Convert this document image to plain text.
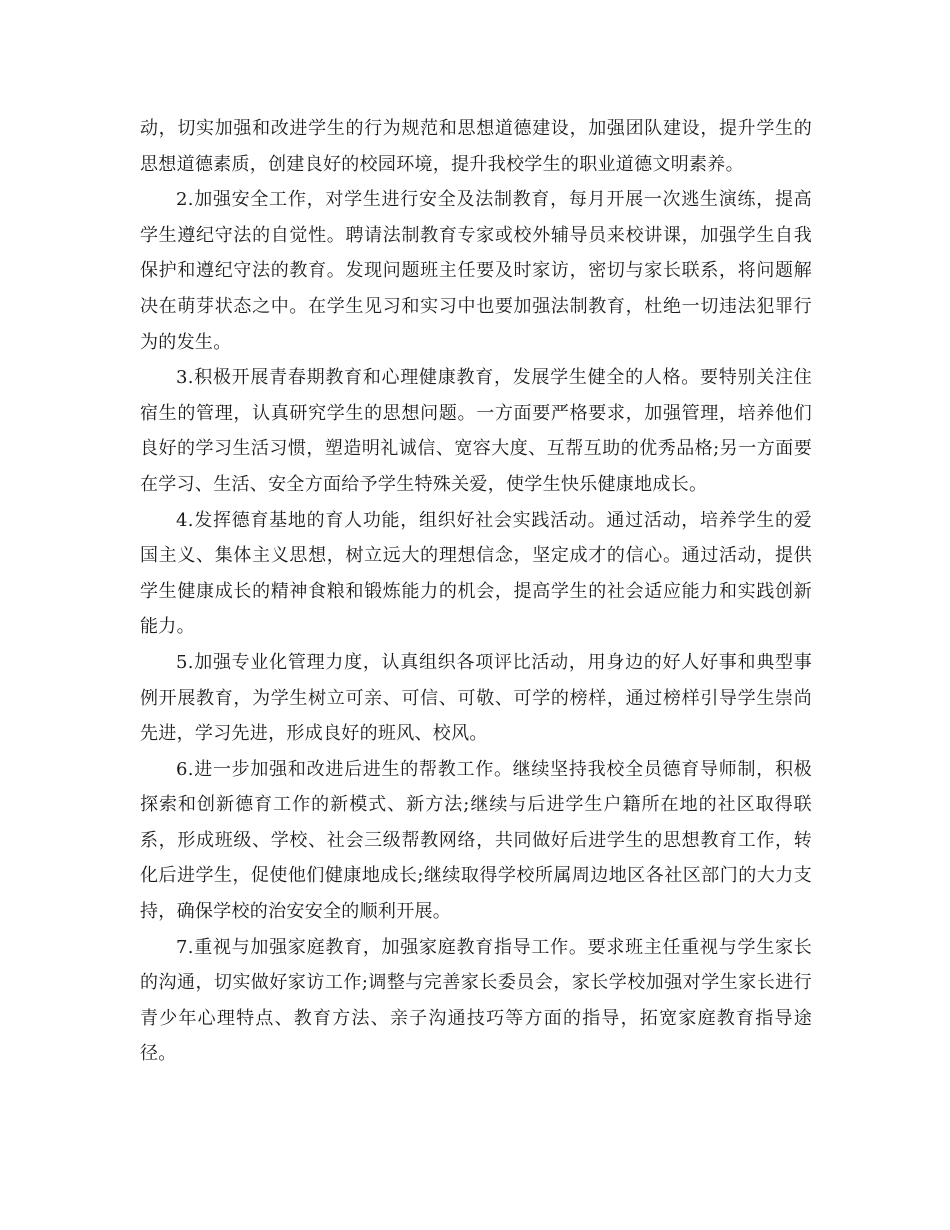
动，切实加强和改进学生的行为规范和思想道德建设，加强团队建设，提升学生的思想道德素质，创建良好的校园环境，提升我校学生的职业道德文明素养。

2.加强安全工作，对学生进行安全及法制教育，每月开展一次逃生演练，提高学生遵纪守法的自觉性。聘请法制教育专家或校外辅导员来校讲课，加强学生自我保护和遵纪守法的教育。发现问题班主任要及时家访，密切与家长联系，将问题解决在萌芽状态之中。在学生见习和实习中也要加强法制教育，杜绝一切违法犯罪行为的发生。

3.积极开展青春期教育和心理健康教育，发展学生健全的人格。要特别关注住宿生的管理，认真研究学生的思想问题。一方面要严格要求，加强管理，培养他们良好的学习生活习惯，塑造明礼诚信、宽容大度、互帮互助的优秀品格;另一方面要在学习、生活、安全方面给予学生特殊关爱，使学生快乐健康地成长。

4.发挥德育基地的育人功能，组织好社会实践活动。通过活动，培养学生的爱国主义、集体主义思想，树立远大的理想信念，坚定成才的信心。通过活动，提供学生健康成长的精神食粮和锻炼能力的机会，提高学生的社会适应能力和实践创新能力。

5.加强专业化管理力度，认真组织各项评比活动，用身边的好人好事和典型事例开展教育，为学生树立可亲、可信、可敬、可学的榜样，通过榜样引导学生崇尚先进，学习先进，形成良好的班风、校风。

6.进一步加强和改进后进生的帮教工作。继续坚持我校全员德育导师制，积极探索和创新德育工作的新模式、新方法;继续与后进学生户籍所在地的社区取得联系，形成班级、学校、社会三级帮教网络，共同做好后进学生的思想教育工作，转化后进学生，促使他们健康地成长;继续取得学校所属周边地区各社区部门的大力支持，确保学校的治安安全的顺利开展。

7.重视与加强家庭教育，加强家庭教育指导工作。要求班主任重视与学生家长的沟通，切实做好家访工作;调整与完善家长委员会，家长学校加强对学生家长进行青少年心理特点、教育方法、亲子沟通技巧等方面的指导，拓宽家庭教育指导途径。
